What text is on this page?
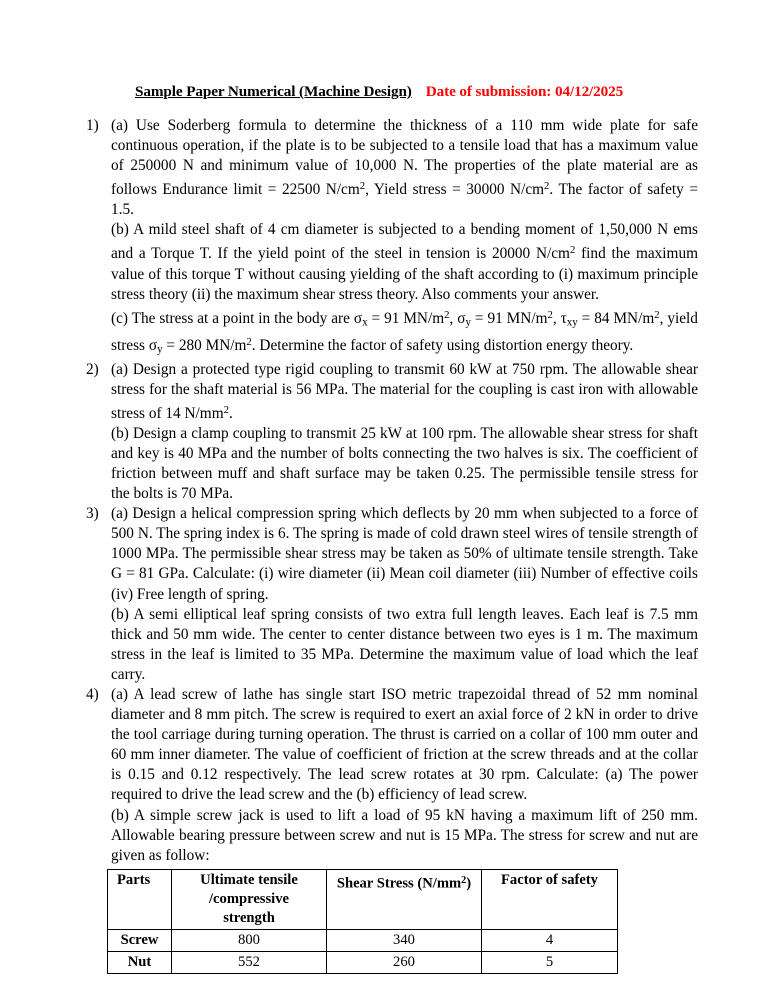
Sample Paper Numerical (Machine Design) Date of submission: 04/12/2025
1) (a) Use Soderberg formula to determine the thickness of a 110 mm wide plate for safe continuous operation, if the plate is to be subjected to a tensile load that has a maximum value of 250000 N and minimum value of 10,000 N. The properties of the plate material are as follows Endurance limit = 22500 $N/cm^2$, Yield stress = 30000 $N/cm^2$. The factor of safety = 1.5.

(b) A mild steel shaft of 4 cm diameter is subjected to a bending moment of 1,50,000 N ems and a Torque T. If the yield point of the steel in tension is 20000 $N/cm^2$ find the maximum value of this torque T without causing yielding of the shaft according to (i) maximum principle stress theory (ii) the maximum shear stress theory. Also comments your answer.

(c) The stress at a point in the body are $\sigma_x = 91$ $MN/m^2$, $\sigma_y = 91$ $MN/m^2$, $\tau_{xy} = 84$ $MN/m^2$, yield stress $\sigma_y = 280$ $MN/m^2$. Determine the factor of safety using distortion energy theory.

2) (a) Design a protected type rigid coupling to transmit 60 kW at 750 rpm. The allowable shear stress for the shaft material is 56 MPa. The material for the coupling is cast iron with allowable stress of 14 $N/mm^2$.

(b) Design a clamp coupling to transmit 25 kW at 100 rpm. The allowable shear stress for shaft and key is 40 MPa and the number of bolts connecting the two halves is six. The coefficient of friction between muff and shaft surface may be taken 0.25. The permissible tensile stress for the bolts is 70 MPa.

3) (a) Design a helical compression spring which deflects by 20 mm when subjected to a force of 500 N. The spring index is 6. The spring is made of cold drawn steel wires of tensile strength of 1000 MPa. The permissible shear stress may be taken as 50% of ultimate tensile strength. Take G = 81 GPa. Calculate: (i) wire diameter (ii) Mean coil diameter (iii) Number of effective coils (iv) Free length of spring.

(b) A semi elliptical leaf spring consists of two extra full length leaves. Each leaf is 7.5 mm thick and 50 mm wide. The center to center distance between two eyes is 1 m. The maximum stress in the leaf is limited to 35 MPa. Determine the maximum value of load which the leaf carry.

4) (a) A lead screw of lathe has single start ISO metric trapezoidal thread of 52 mm nominal diameter and 8 mm pitch. The screw is required to exert an axial force of 2 kN in order to drive the tool carriage during turning operation. The thrust is carried on a collar of 100 mm outer and 60 mm inner diameter. The value of coefficient of friction at the screw threads and at the collar is 0.15 and 0.12 respectively. The lead screw rotates at 30 rpm. Calculate: (a) The power required to drive the lead screw and the (b) efficiency of lead screw.

(b) A simple screw jack is used to lift a load of 95 kN having a maximum lift of 250 mm. Allowable bearing pressure between screw and nut is 15 MPa. The stress for screw and nut are given as follow:

Parts	Ultimate tensile
/compressive
strength	Shear Stress $(N/mm^2)$	Factor of safety
Screw	800	340	4
Nut	552	260	5
